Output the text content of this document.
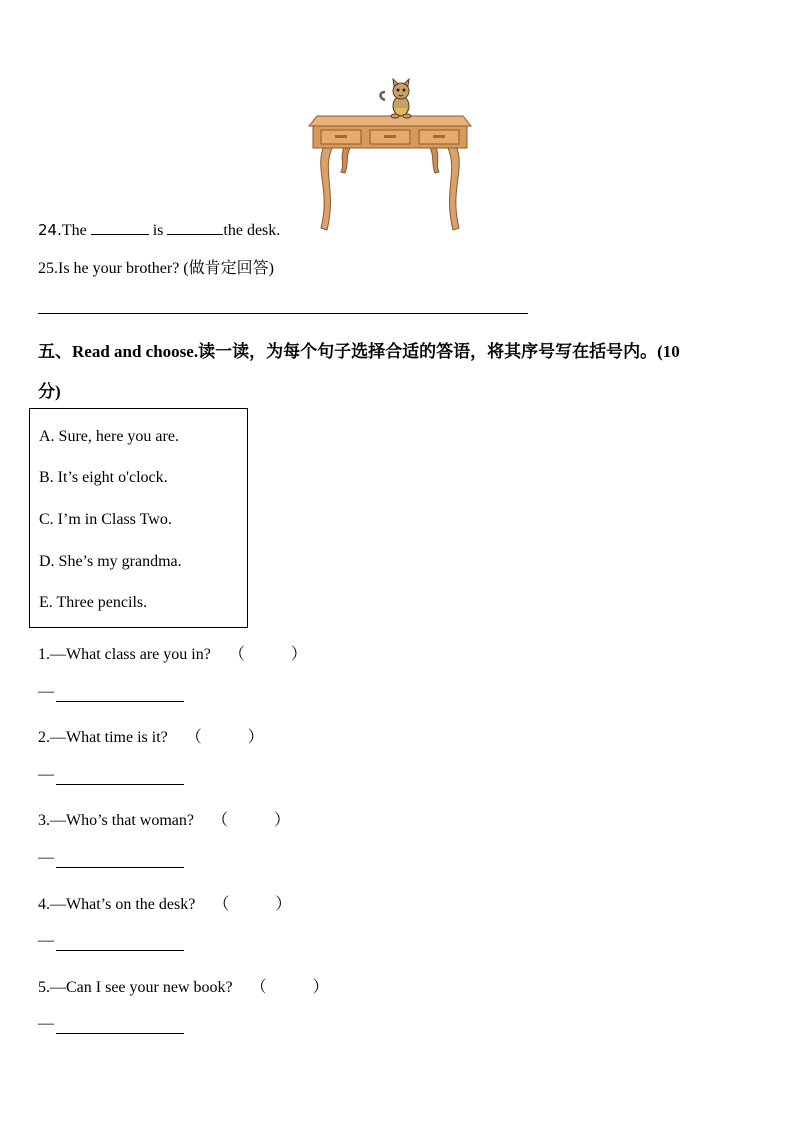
24.The	is	the desk.
25.Is he your brother? (做肯定回答)
五、Read and choose.读一读，为每个句子选择合适的答语，将其序号写在括号内。(10
分)
A. Sure, here you are.
B. It’s eight o'clock.
C. I’m in Class Two.
D. She’s my grandma.
E. Three pencils.
1.—What class are you in? （	）
—
2.—What time is it? （	）
—
3.—Who’s that woman? （	）
—
4.—What’s on the desk? （	）
—
5.—Can I see your new book? （	）
—
